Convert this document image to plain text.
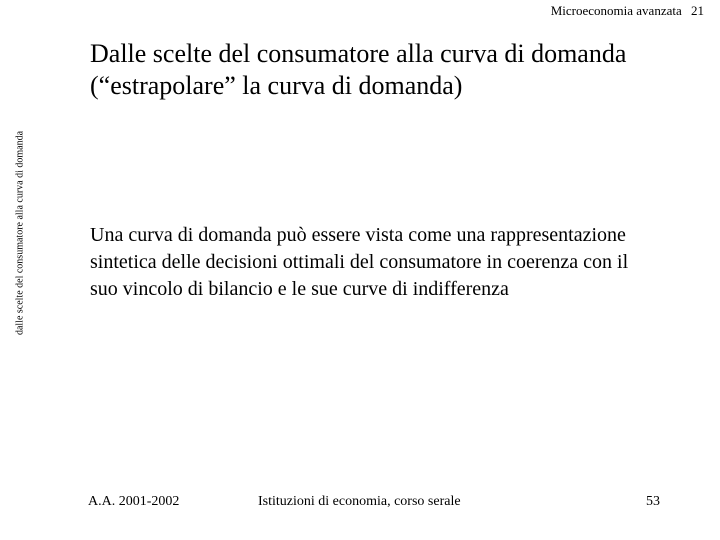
Microeconomia avanzata 21
dalle scelte del consumatore alla curva di domanda
Dalle scelte del consumatore alla curva di domanda (“estrapolare” la curva di domanda)

Una curva di domanda può essere vista come una rappresentazione sintetica delle decisioni ottimali del consumatore in coerenza con il suo vincolo di bilancio e le sue curve di indifferenza

A.A. 2001-2002	Istituzioni di economia, corso serale	53
